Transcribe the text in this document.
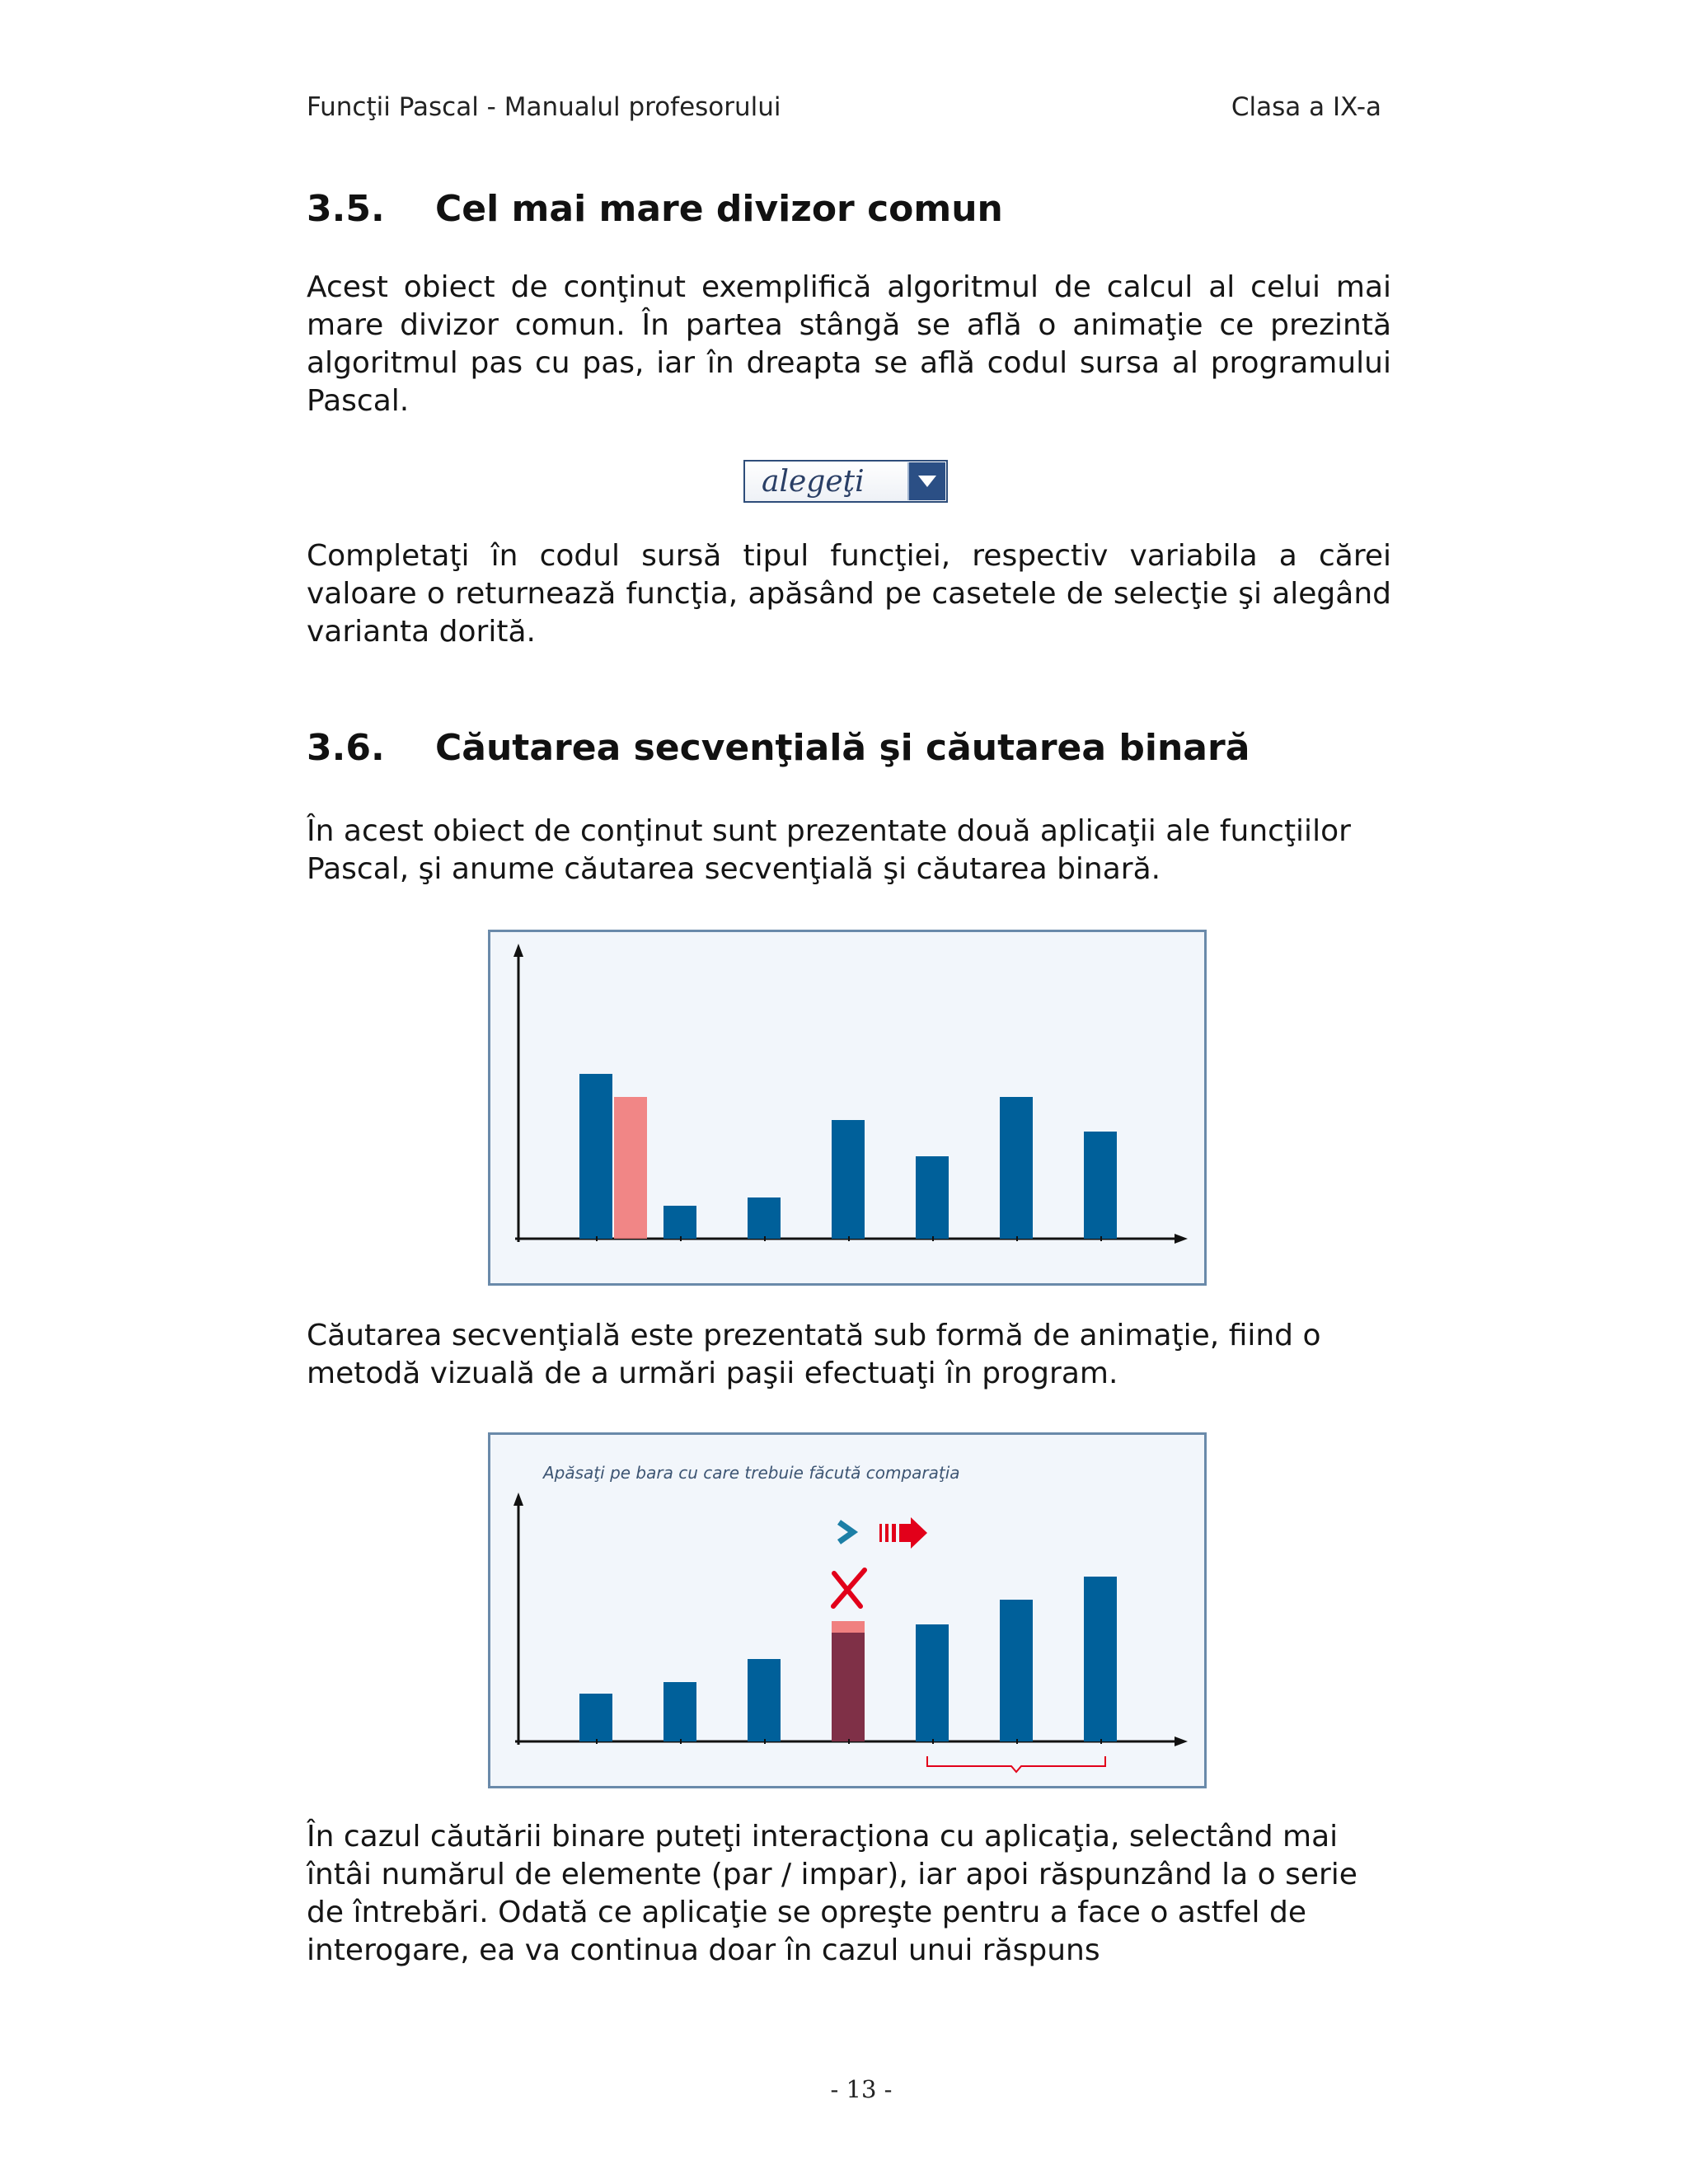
Funcţii Pascal - Manualul profesorului	Clasa a IX-a
3.5. Cel mai mare divizor comun

Acest obiect de conţinut exemplifică algoritmul de calcul al celui mai mare divizor comun. În partea stângă se află o animaţie ce prezintă algoritmul pas cu pas, iar în dreapta se află codul sursa al programului Pascal.

alegeţi

Completaţi în codul sursă tipul funcţiei, respectiv variabila a cărei valoare o returnează funcţia, apăsând pe casetele de selecţie şi alegând varianta dorită.

3.6. Căutarea secvenţială şi căutarea binară

În acest obiect de conţinut sunt prezentate două aplicaţii ale funcţiilor Pascal, şi anume căutarea secvenţială şi căutarea binară.

Căutarea secvenţială este prezentată sub formă de animaţie, fiind o metodă vizuală de a urmări paşii efectuaţi în program.

Apăsaţi pe bara cu care trebuie făcută comparaţia

În cazul căutării binare puteţi interacţiona cu aplicaţia, selectând mai întâi numărul de elemente (par / impar), iar apoi răspunzând la o serie de întrebări. Odată ce aplicaţie se opreşte pentru a face o astfel de interogare, ea va continua doar în cazul unui răspuns

- 13 -
